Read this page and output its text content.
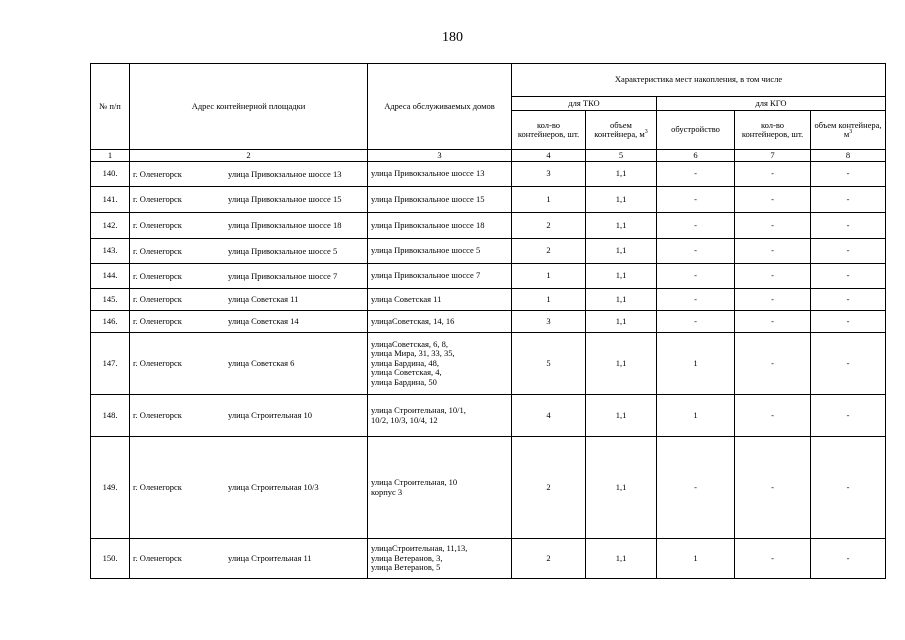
180
№ п/п	Адрес контейнерной площадки	Адреса обслуживаемых домов	Характеристика мест накопления, в том числе				
			для ТКО		для КГО		
			кол-во контейнеров, шт.	объем контейнера, $м^3$	обустройство	кол-во контейнеров, шт.	объем контейнера, $м^3$
1	2	3	4	5	6	7	8
140.	г. Оленегорск улица Привокзальное шоссе 13	улица Привокзальное шоссе 13	3	1,1	-	-	-
141.	г. Оленегорск улица Привокзальное шоссе 15	улица Привокзальное шоссе 15	1	1,1	-	-	-
142.	г. Оленегорск улица Привокзальное шоссе 18	улица Привокзальное шоссе 18	2	1,1	-	-	-
143.	г. Оленегорск улица Привокзальное шоссе 5	улица Привокзальное шоссе 5	2	1,1	-	-	-
144.	г. Оленегорск улица Привокзальное шоссе 7	улица Привокзальное шоссе 7	1	1,1	-	-	-
145.	г. Оленегорск улица Советская 11	улица Советская 11	1	1,1	-	-	-
146.	г. Оленегорск улица Советская 14	улицаСоветская, 14, 16	3	1,1	-	-	-
147.	г. Оленегорск улица Советская 6	улицаСоветская, 6, 8,
улица Мира, 31, 33, 35,
улица Бардина, 48,
улица Советская, 4,
улица Бардина, 50	5	1,1	1	-	-
148.	г. Оленегорск улица Строительная 10	улица Строительная, 10/1,
10/2, 10/3, 10/4, 12	4	1,1	1	-	-
149.	г. Оленегорск улица Строительная 10/3	улица Строительная, 10
корпус 3	2	1,1	-	-	-
150.	г. Оленегорск улица Строительная 11	улицаСтроительная, 11,13,
улица Ветеранов, 3,
улица Ветеранов, 5	2	1,1	1	-	-
